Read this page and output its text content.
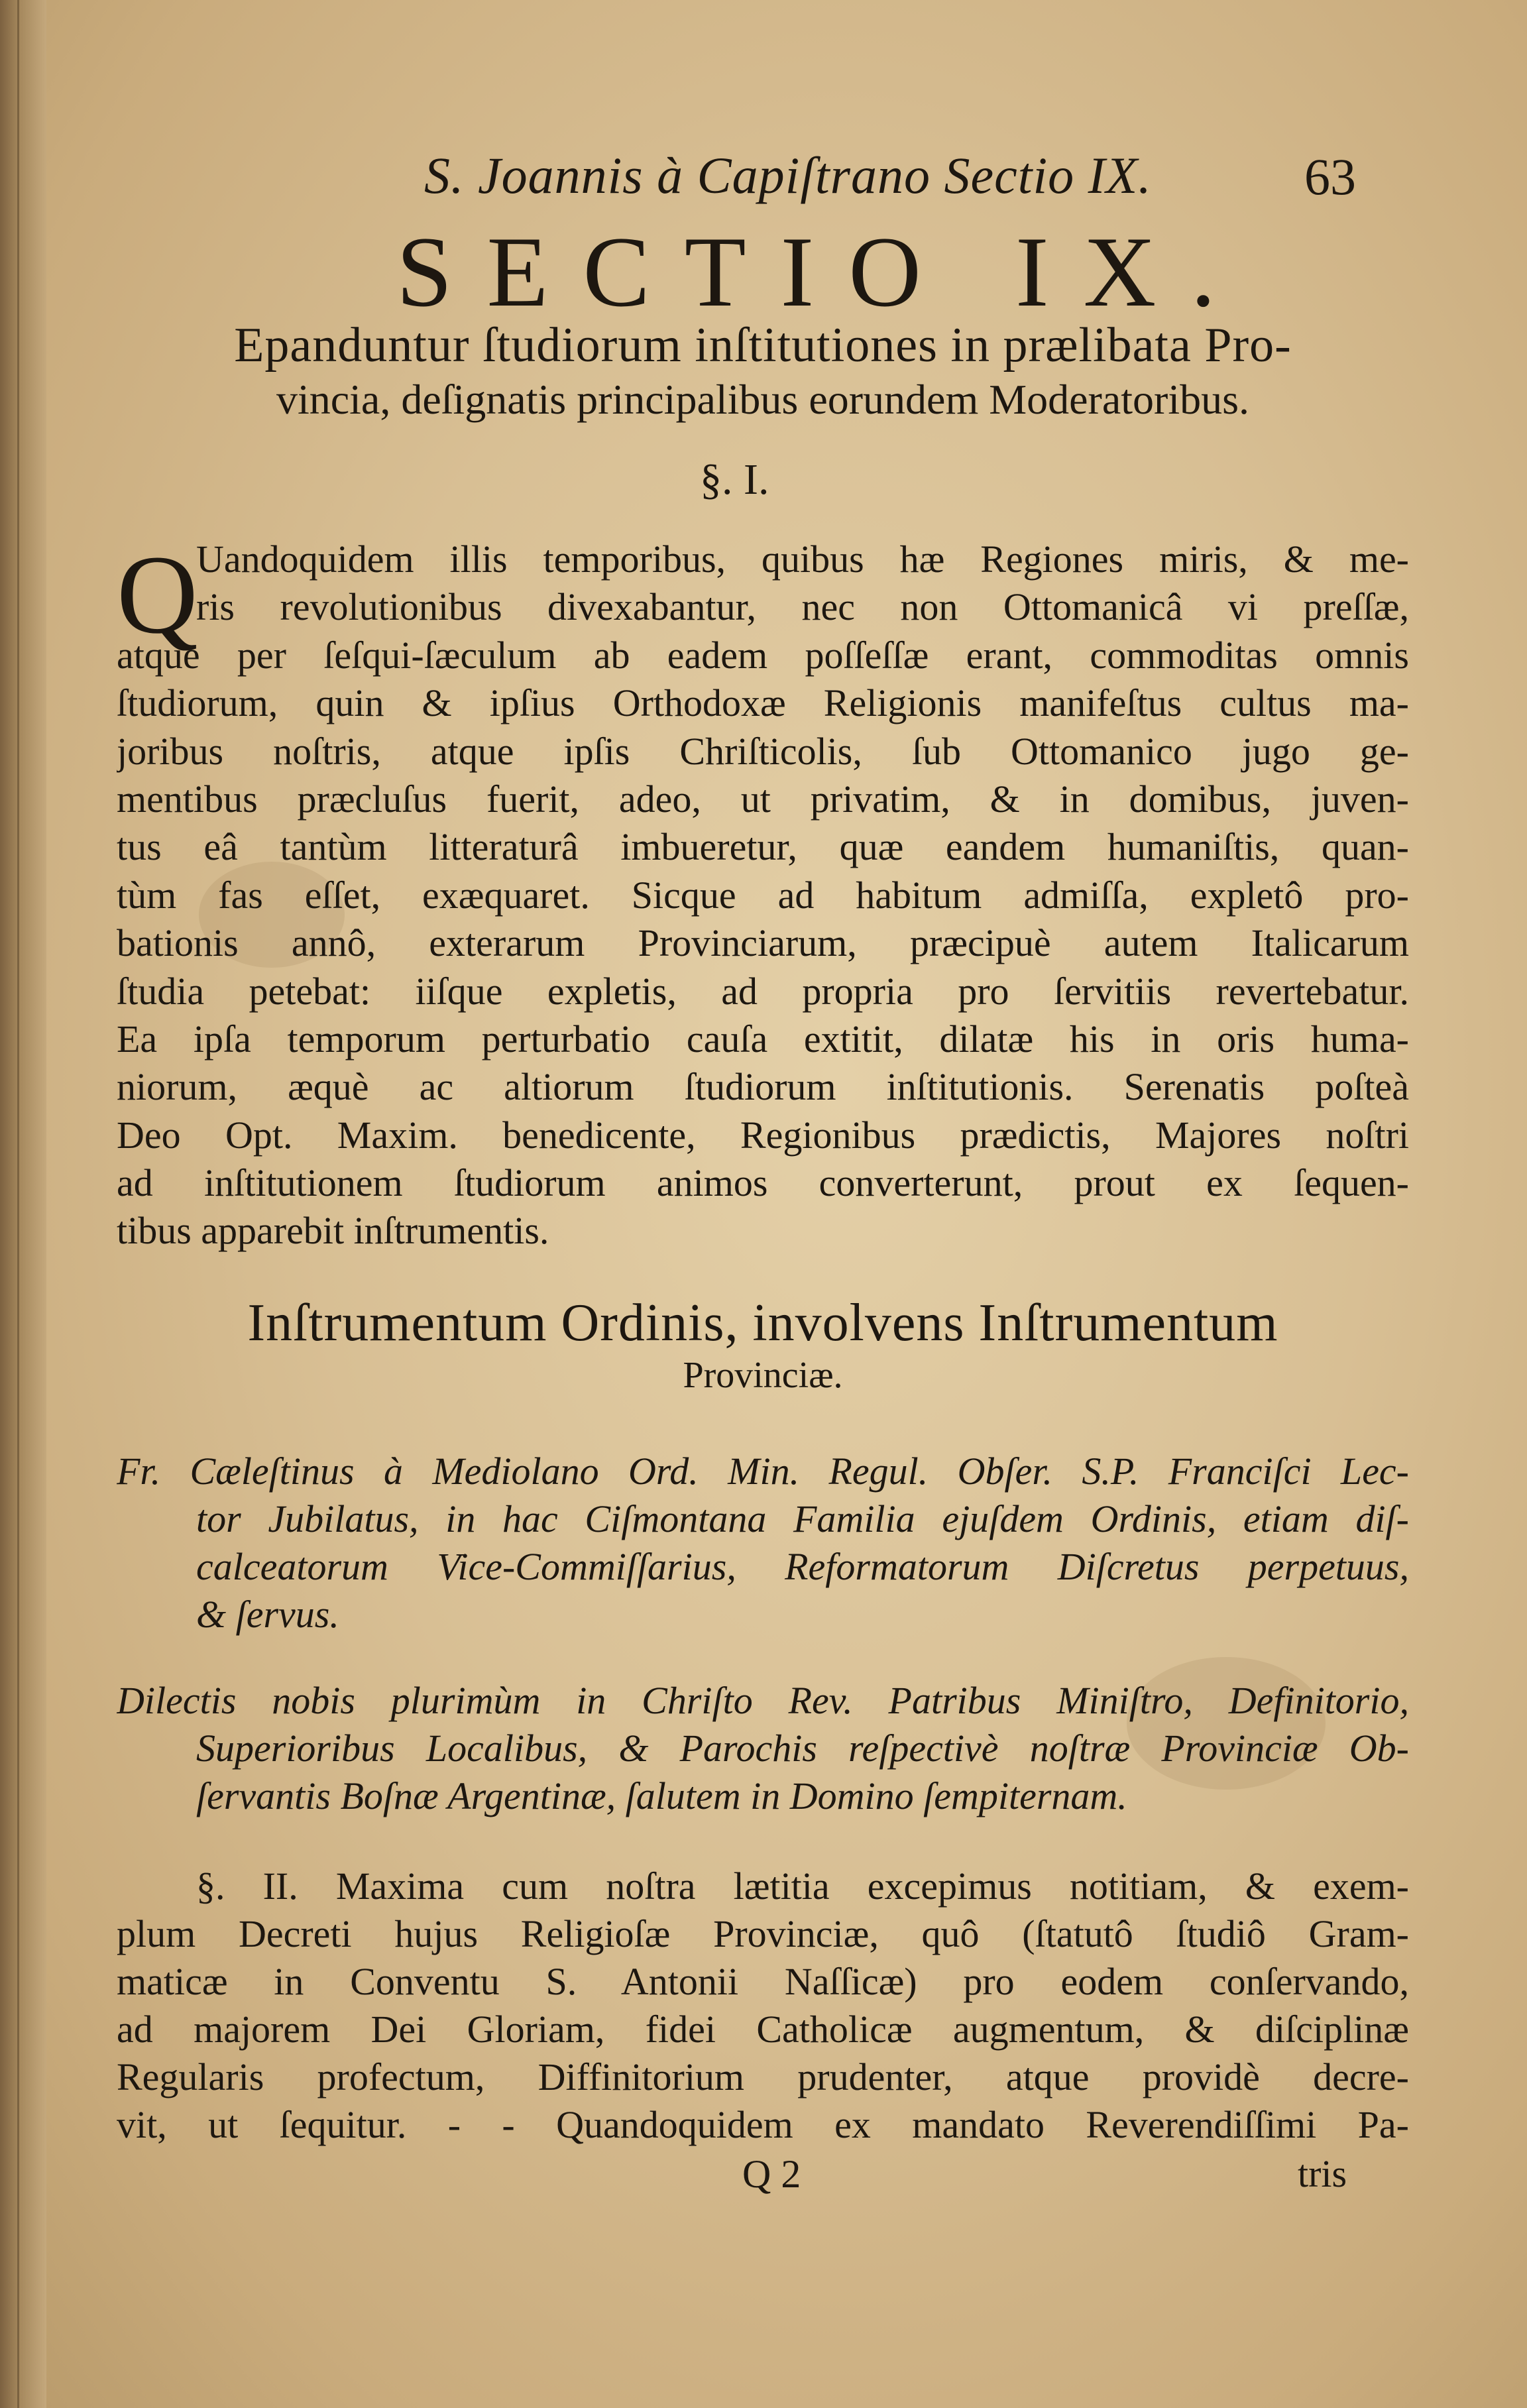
S. Joannis à Capiſtrano Sectio IX.	63
SECTIO IX.
Epanduntur ſtudiorum inſtitutiones in prælibata Pro-
vincia, deſignatis principalibus eorundem Moderatoribus.
§. I.
Q
Uandoquidem illis temporibus, quibus hæ Regiones miris, & me-
ris revolutionibus divexabantur, nec non Ottomanicâ vi preſſæ,
atque per ſeſqui-ſæculum ab eadem poſſeſſæ erant, commoditas omnis
ſtudiorum, quin & ipſius Orthodoxæ Religionis manifeſtus cultus ma-
joribus noſtris, atque ipſis Chriſticolis, ſub Ottomanico jugo ge-
mentibus præcluſus fuerit, adeo, ut privatim, & in domibus, juven-
tus eâ tantùm litteraturâ imbueretur, quæ eandem humaniſtis, quan-
tùm fas eſſet, exæquaret. Sicque ad habitum admiſſa, expletô pro-
bationis annô, exterarum Provinciarum, præcipuè autem Italicarum
ſtudia petebat: iiſque expletis, ad propria pro ſervitiis revertebatur.
Ea ipſa temporum perturbatio cauſa extitit, dilatæ his in oris huma-
niorum, æquè ac altiorum ſtudiorum inſtitutionis. Serenatis poſteà
Deo Opt. Maxim. benedicente, Regionibus prædictis, Majores noſtri
ad inſtitutionem ſtudiorum animos converterunt, prout ex ſequen-
tibus apparebit inſtrumentis.
Inſtrumentum Ordinis, involvens Inſtrumentum
Provinciæ.
Fr. Cæleſtinus à Mediolano Ord. Min. Regul. Obſer. S.P. Franciſci Lec-
tor Jubilatus, in hac Ciſmontana Familia ejuſdem Ordinis, etiam diſ-
calceatorum Vice-Commiſſarius, Reformatorum Diſcretus perpetuus,
& ſervus.
Dilectis nobis plurimùm in Chriſto Rev. Patribus Miniſtro, Definitorio,
Superioribus Localibus, & Parochis reſpectivè noſtræ Provinciæ Ob-
ſervantis Boſnæ Argentinæ, ſalutem in Domino ſempiternam.
§. II. Maxima cum noſtra lætitia excepimus notitiam, & exem-
plum Decreti hujus Religioſæ Provinciæ, quô (ſtatutô ſtudiô Gram-
maticæ in Conventu S. Antonii Naſſicæ) pro eodem conſervando,
ad majorem Dei Gloriam, fidei Catholicæ augmentum, & diſciplinæ
Regularis profectum, Diffinitorium prudenter, atque providè decre-
vit, ut ſequitur. - - Quandoquidem ex mandato Reverendiſſimi Pa-
Q 2	tris
